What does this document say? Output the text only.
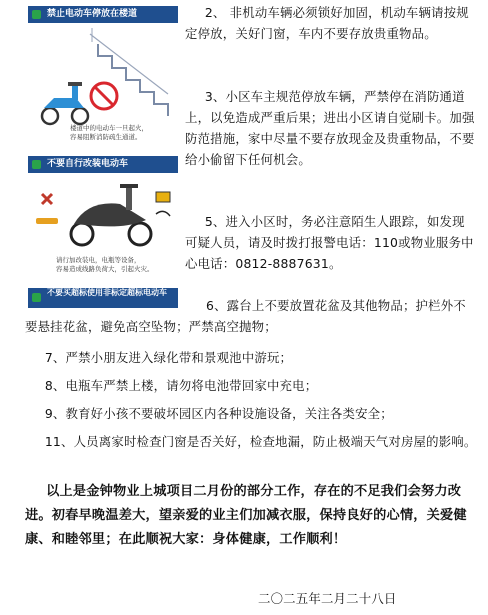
禁止电动车停放在楼道
楼道中的电动车一旦起火，
容易阻断消防疏生通道。
不要自行改装电动车
请行加改装电，电瓶等设备，
容易造成线路负荷大，引起火灾。
不要买超标使用非标定超标电动车
2、 非机动车辆必须锁好加固，机动车辆请按规定停放，关好门窗，车内不要存放贵重物品。
3、小区车主规范停放车辆，严禁停在消防通道上，以免造成严重后果；进出小区请自觉刷卡。加强防范措施，家中尽量不要存放现金及贵重物品，不要给小偷留下任何机会。
5、进入小区时，务必注意陌生人跟踪，如发现可疑人员，请及时拨打报警电话：110或物业服务中心电话：0812-8887631。
6、露台上不要放置花盆及其他物品；护栏外不要悬挂花盆，避免高空坠物；严禁高空抛物；
7、严禁小朋友进入绿化带和景观池中游玩；
8、电瓶车严禁上楼，请勿将电池带回家中充电；
9、教育好小孩不要破坏园区内各种设施设备，关注各类安全；
11、人员离家时检查门窗是否关好，检查地漏，防止极端天气对房屋的影响。
以上是金钟物业上城项目二月份的部分工作，存在的不足我们会努力改进。初春早晚温差大，望亲爱的业主们加减衣服，保持良好的心情，关爱健康、和睦邻里；在此顺祝大家：身体健康，工作顺利！
二〇二五年二月二十八日
